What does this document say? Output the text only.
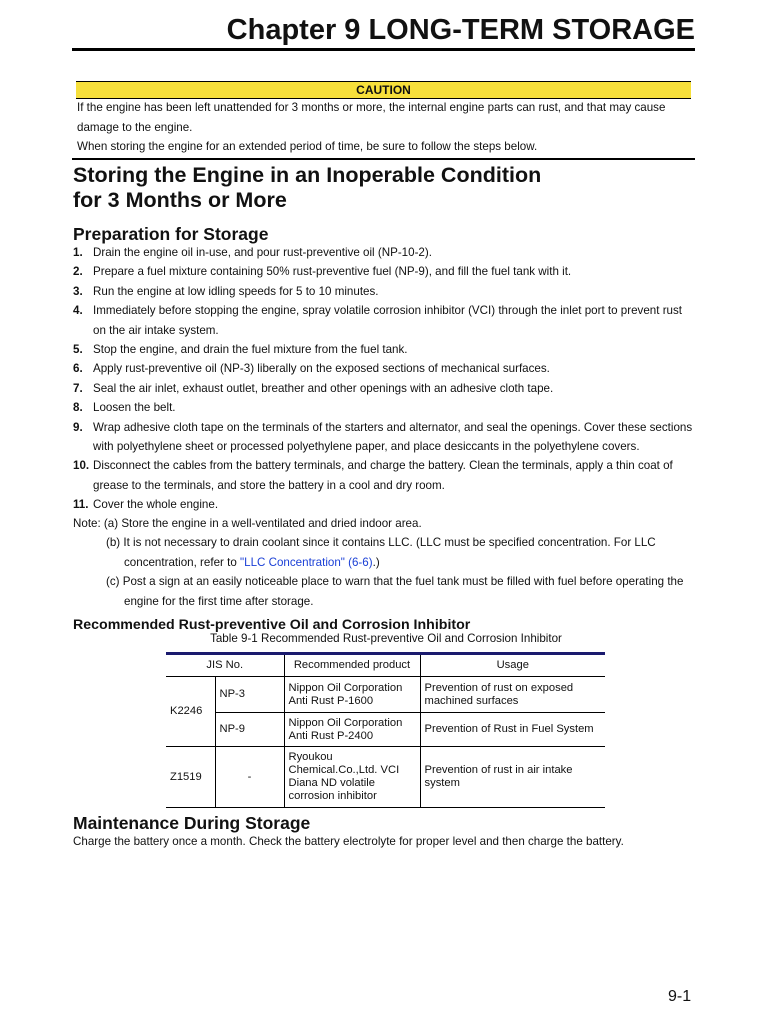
Chapter 9 LONG-TERM STORAGE
CAUTION

If the engine has been left unattended for 3 months or more, the internal engine parts can rust, and that may cause damage to the engine.

When storing the engine for an extended period of time, be sure to follow the steps below.

Storing the Engine in an Inoperable Condition
for 3 Months or More
Preparation for Storage
1. Drain the engine oil in-use, and pour rust-preventive oil (NP-10-2).
2. Prepare a fuel mixture containing 50% rust-preventive fuel (NP-9), and fill the fuel tank with it.
3. Run the engine at low idling speeds for 5 to 10 minutes.
4. Immediately before stopping the engine, spray volatile corrosion inhibitor (VCI) through the inlet port to prevent rust on the air intake system.
5. Stop the engine, and drain the fuel mixture from the fuel tank.
6. Apply rust-preventive oil (NP-3) liberally on the exposed sections of mechanical surfaces.
7. Seal the air inlet, exhaust outlet, breather and other openings with an adhesive cloth tape.
8. Loosen the belt.
9. Wrap adhesive cloth tape on the terminals of the starters and alternator, and seal the openings. Cover these sections with polyethylene sheet or processed polyethylene paper, and place desiccants in the polyethylene covers.
10. Disconnect the cables from the battery terminals, and charge the battery. Clean the terminals, apply a thin coat of grease to the terminals, and store the battery in a cool and dry room.
11. Cover the whole engine.
Note: (a) Store the engine in a well-ventilated and dried indoor area.
(b) It is not necessary to drain coolant since it contains LLC. (LLC must be specified concentration. For LLC concentration, refer to "LLC Concentration" (6-6).)
(c) Post a sign at an easily noticeable place to warn that the fuel tank must be filled with fuel before operating the engine for the first time after storage.
Recommended Rust-preventive Oil and Corrosion Inhibitor
Table 9-1 Recommended Rust-preventive Oil and Corrosion Inhibitor
JIS No.		Recommended product	Usage
K2246	NP-3	Nippon Oil Corporation Anti Rust P-1600	Prevention of rust on exposed machined surfaces
	NP-9	Nippon Oil Corporation Anti Rust P-2400	Prevention of Rust in Fuel System
Z1519	-	Ryoukou Chemical.Co.,Ltd. VCI Diana ND volatile corrosion inhibitor	Prevention of rust in air intake system
Maintenance During Storage
Charge the battery once a month. Check the battery electrolyte for proper level and then charge the battery.
9-1
